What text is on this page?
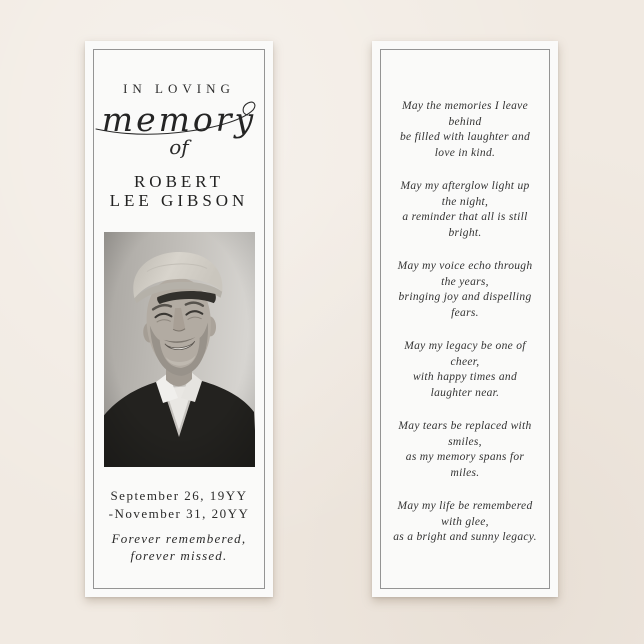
IN LOVING
memory
of
ROBERT
LEE GIBSON
September 26, 19YY
-November 31, 20YY
Forever remembered,
forever missed.
May the memories I leave
behind
be filled with laughter and
love in kind.
May my afterglow light up
the night,
a reminder that all is still
bright.
May my voice echo through
the years,
bringing joy and dispelling
fears.
May my legacy be one of
cheer,
with happy times and
laughter near.
May tears be replaced with
smiles,
as my memory spans for
miles.
May my life be remembered
with glee,
as a bright and sunny legacy.
